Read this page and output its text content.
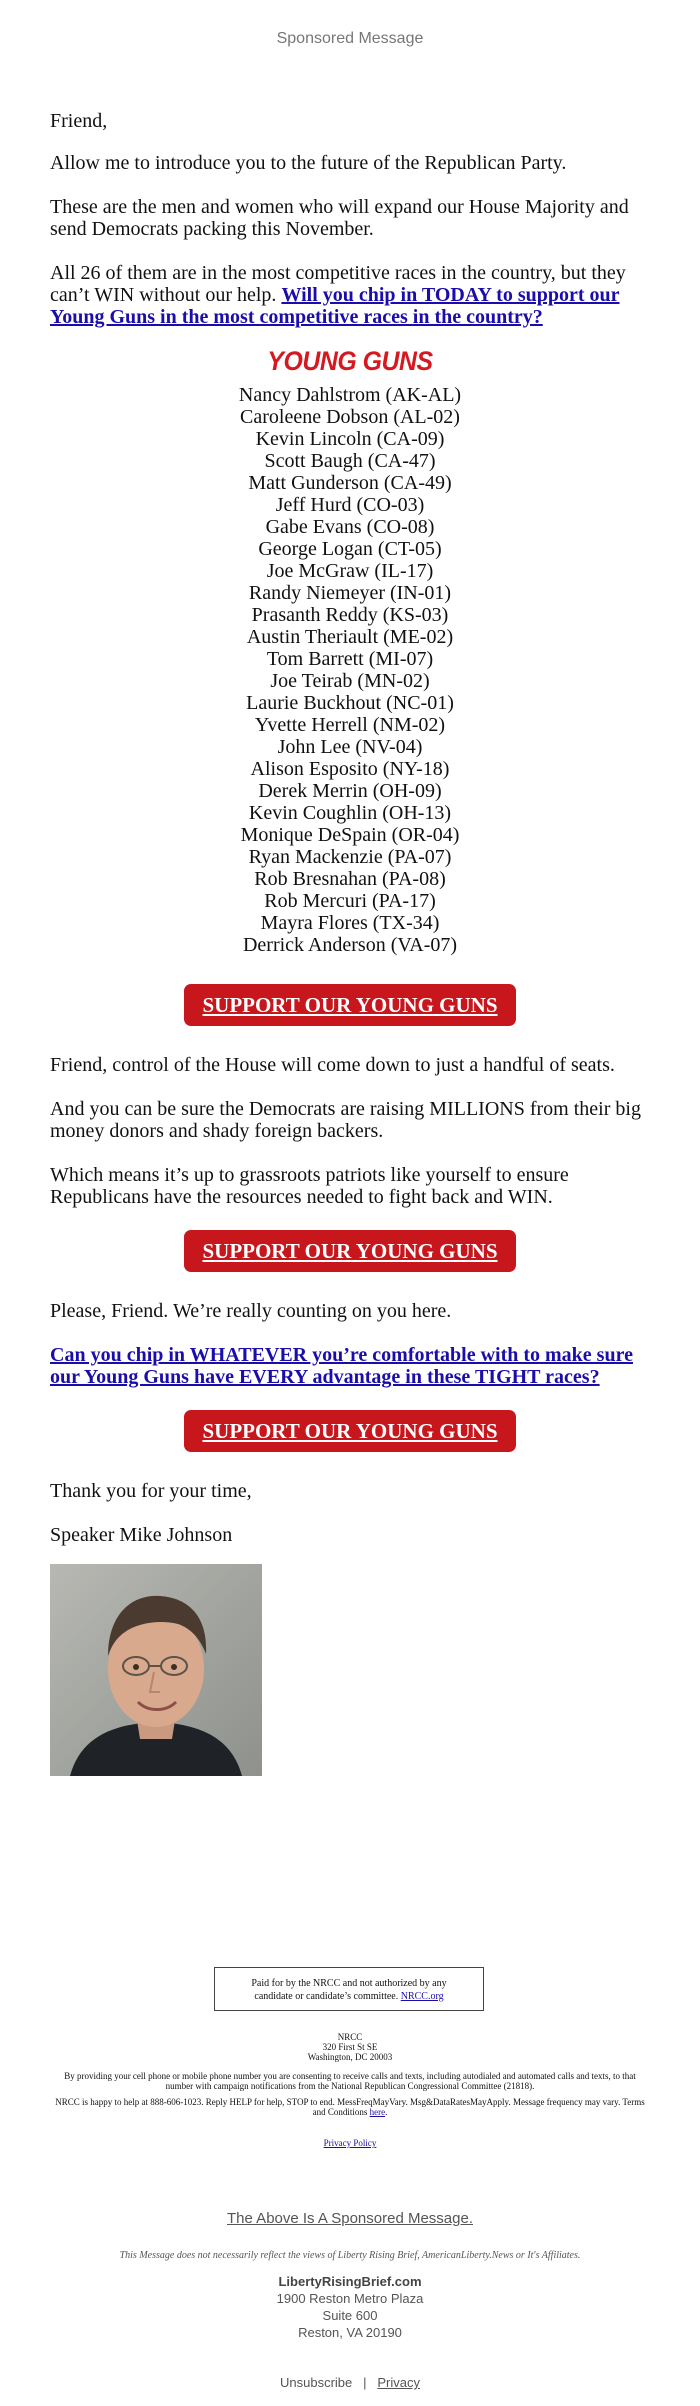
Sponsored Message

Friend,

Allow me to introduce you to the future of the Republican Party.

These are the men and women who will expand our House Majority and send Democrats packing this November.

All 26 of them are in the most competitive races in the country, but they can’t WIN without our help. Will you chip in TODAY to support our Young Guns in the most competitive races in the country?

YOUNG GUNS
Nancy Dahlstrom (AK-AL)
Caroleene Dobson (AL-02)
Kevin Lincoln (CA-09)
Scott Baugh (CA-47)
Matt Gunderson (CA-49)
Jeff Hurd (CO-03)
Gabe Evans (CO-08)
George Logan (CT-05)
Joe McGraw (IL-17)
Randy Niemeyer (IN-01)
Prasanth Reddy (KS-03)
Austin Theriault (ME-02)
Tom Barrett (MI-07)
Joe Teirab (MN-02)
Laurie Buckhout (NC-01)
Yvette Herrell (NM-02)
John Lee (NV-04)
Alison Esposito (NY-18)
Derek Merrin (OH-09)
Kevin Coughlin (OH-13)
Monique DeSpain (OR-04)
Ryan Mackenzie (PA-07)
Rob Bresnahan (PA-08)
Rob Mercuri (PA-17)
Mayra Flores (TX-34)
Derrick Anderson (VA-07)
SUPPORT OUR YOUNG GUNS

Friend, control of the House will come down to just a handful of seats.

And you can be sure the Democrats are raising MILLIONS from their big money donors and shady foreign backers.

Which means it’s up to grassroots patriots like yourself to ensure Republicans have the resources needed to fight back and WIN.

SUPPORT OUR YOUNG GUNS

Please, Friend. We’re really counting on you here.

Can you chip in WHATEVER you’re comfortable with to make sure our Young Guns have EVERY advantage in these TIGHT races?

SUPPORT OUR YOUNG GUNS

Thank you for your time,

Speaker Mike Johnson

Paid for by the NRCC and not authorized by any
candidate or candidate’s committee. NRCC.org
NRCC
320 First St SE
Washington, DC 20003
By providing your cell phone or mobile phone number you are consenting to receive calls and texts, including autodialed and automated calls and texts, to that number with campaign notifications from the National Republican Congressional Committee (21818).
NRCC is happy to help at 888-606-1023. Reply HELP for help, STOP to end. MessFreqMayVary. Msg&DataRatesMayApply. Message frequency may vary. Terms and Conditions here.
Privacy Policy
The Above Is A Sponsored Message.
This Message does not necessarily reflect the views of Liberty Rising Brief, AmericanLiberty.News or It's Affiliates.
LibertyRisingBrief.com
1900 Reston Metro Plaza
Suite 600
Reston, VA 20190
Unsubscribe | Privacy
